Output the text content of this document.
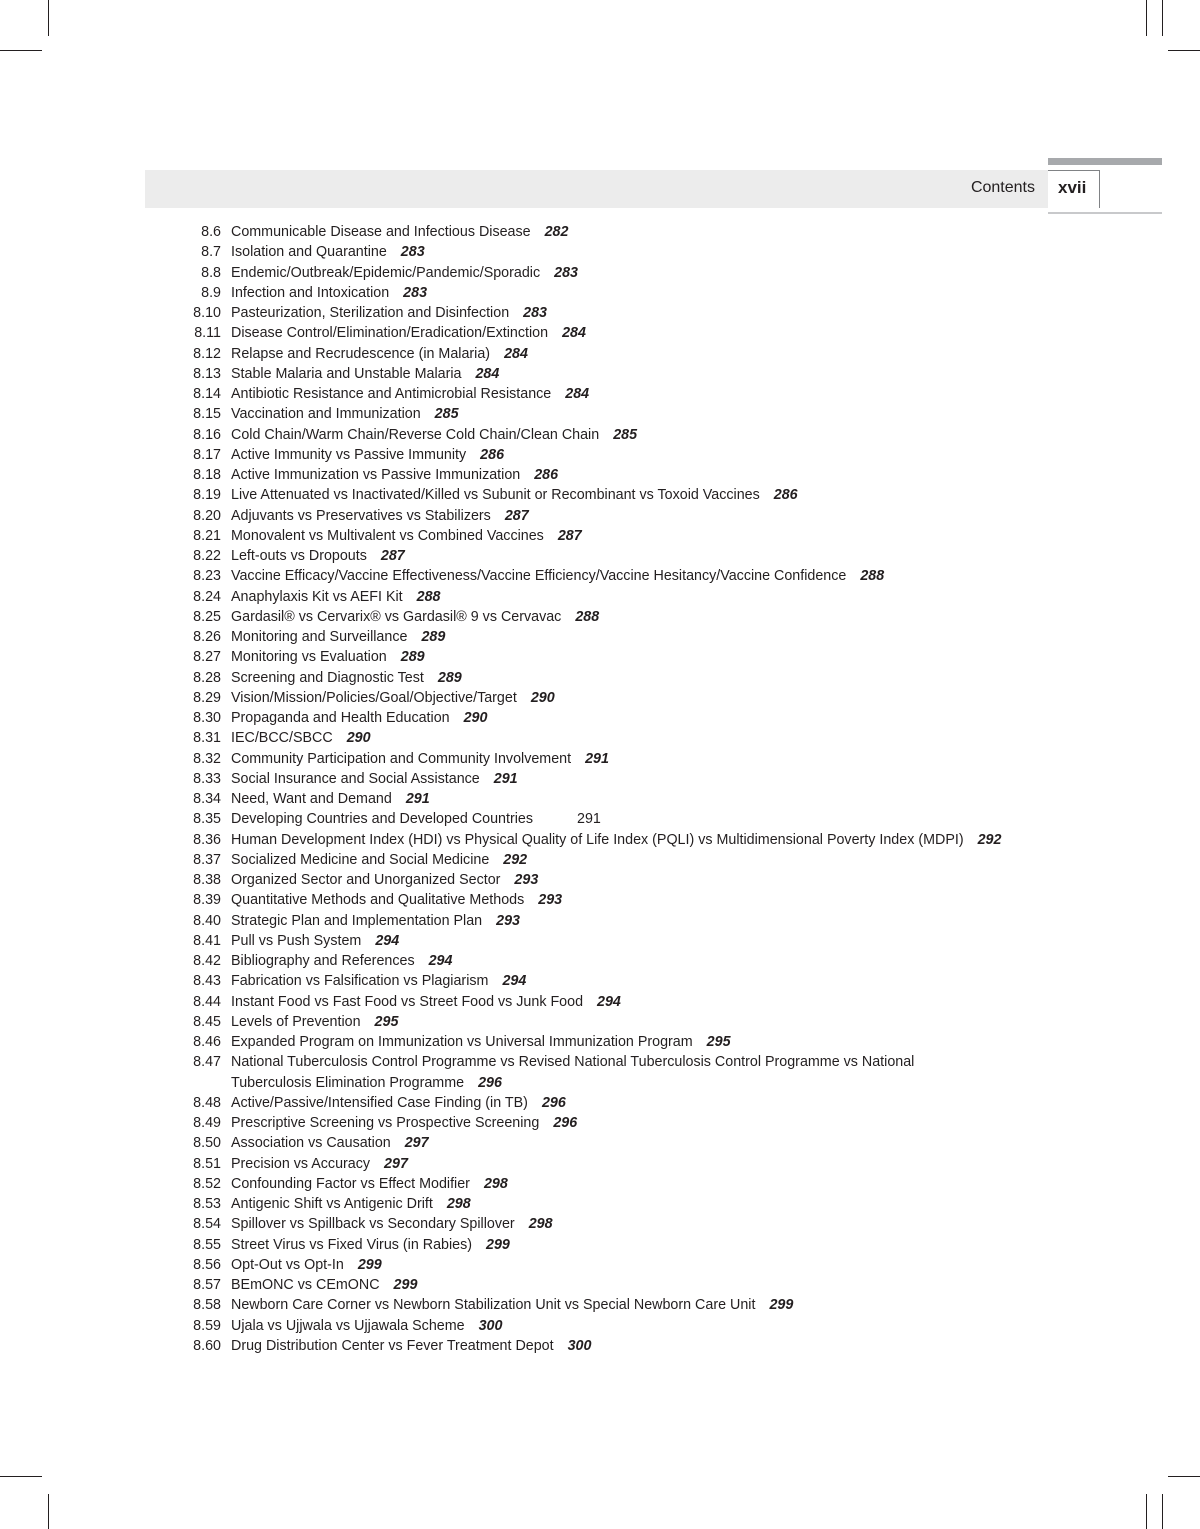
Contents xvii
8.6 Communicable Disease and Infectious Disease 282
8.7 Isolation and Quarantine 283
8.8 Endemic/Outbreak/Epidemic/Pandemic/Sporadic 283
8.9 Infection and Intoxication 283
8.10 Pasteurization, Sterilization and Disinfection 283
8.11 Disease Control/Elimination/Eradication/Extinction 284
8.12 Relapse and Recrudescence (in Malaria) 284
8.13 Stable Malaria and Unstable Malaria 284
8.14 Antibiotic Resistance and Antimicrobial Resistance 284
8.15 Vaccination and Immunization 285
8.16 Cold Chain/Warm Chain/Reverse Cold Chain/Clean Chain 285
8.17 Active Immunity vs Passive Immunity 286
8.18 Active Immunization vs Passive Immunization 286
8.19 Live Attenuated vs Inactivated/Killed vs Subunit or Recombinant vs Toxoid Vaccines 286
8.20 Adjuvants vs Preservatives vs Stabilizers 287
8.21 Monovalent vs Multivalent vs Combined Vaccines 287
8.22 Left-outs vs Dropouts 287
8.23 Vaccine Efficacy/Vaccine Effectiveness/Vaccine Efficiency/Vaccine Hesitancy/Vaccine Confidence 288
8.24 Anaphylaxis Kit vs AEFI Kit 288
8.25 Gardasil® vs Cervarix® vs Gardasil® 9 vs Cervavac 288
8.26 Monitoring and Surveillance 289
8.27 Monitoring vs Evaluation 289
8.28 Screening and Diagnostic Test 289
8.29 Vision/Mission/Policies/Goal/Objective/Target 290
8.30 Propaganda and Health Education 290
8.31 IEC/BCC/SBCC 290
8.32 Community Participation and Community Involvement 291
8.33 Social Insurance and Social Assistance 291
8.34 Need, Want and Demand 291
8.35 Developing Countries and Developed Countries	291
8.36 Human Development Index (HDI) vs Physical Quality of Life Index (PQLI) vs Multidimensional Poverty Index (MDPI) 292
8.37 Socialized Medicine and Social Medicine 292
8.38 Organized Sector and Unorganized Sector 293
8.39 Quantitative Methods and Qualitative Methods 293
8.40 Strategic Plan and Implementation Plan 293
8.41 Pull vs Push System 294
8.42 Bibliography and References 294
8.43 Fabrication vs Falsification vs Plagiarism 294
8.44 Instant Food vs Fast Food vs Street Food vs Junk Food 294
8.45 Levels of Prevention 295
8.46 Expanded Program on Immunization vs Universal Immunization Program 295
8.47 National Tuberculosis Control Programme vs Revised National Tuberculosis Control Programme vs National Tuberculosis Elimination Programme 296
8.48 Active/Passive/Intensified Case Finding (in TB) 296
8.49 Prescriptive Screening vs Prospective Screening 296
8.50 Association vs Causation 297
8.51 Precision vs Accuracy 297
8.52 Confounding Factor vs Effect Modifier 298
8.53 Antigenic Shift vs Antigenic Drift 298
8.54 Spillover vs Spillback vs Secondary Spillover 298
8.55 Street Virus vs Fixed Virus (in Rabies) 299
8.56 Opt-Out vs Opt-In 299
8.57 BEmONC vs CEmONC 299
8.58 Newborn Care Corner vs Newborn Stabilization Unit vs Special Newborn Care Unit 299
8.59 Ujala vs Ujjwala vs Ujjawala Scheme 300
8.60 Drug Distribution Center vs Fever Treatment Depot 300
